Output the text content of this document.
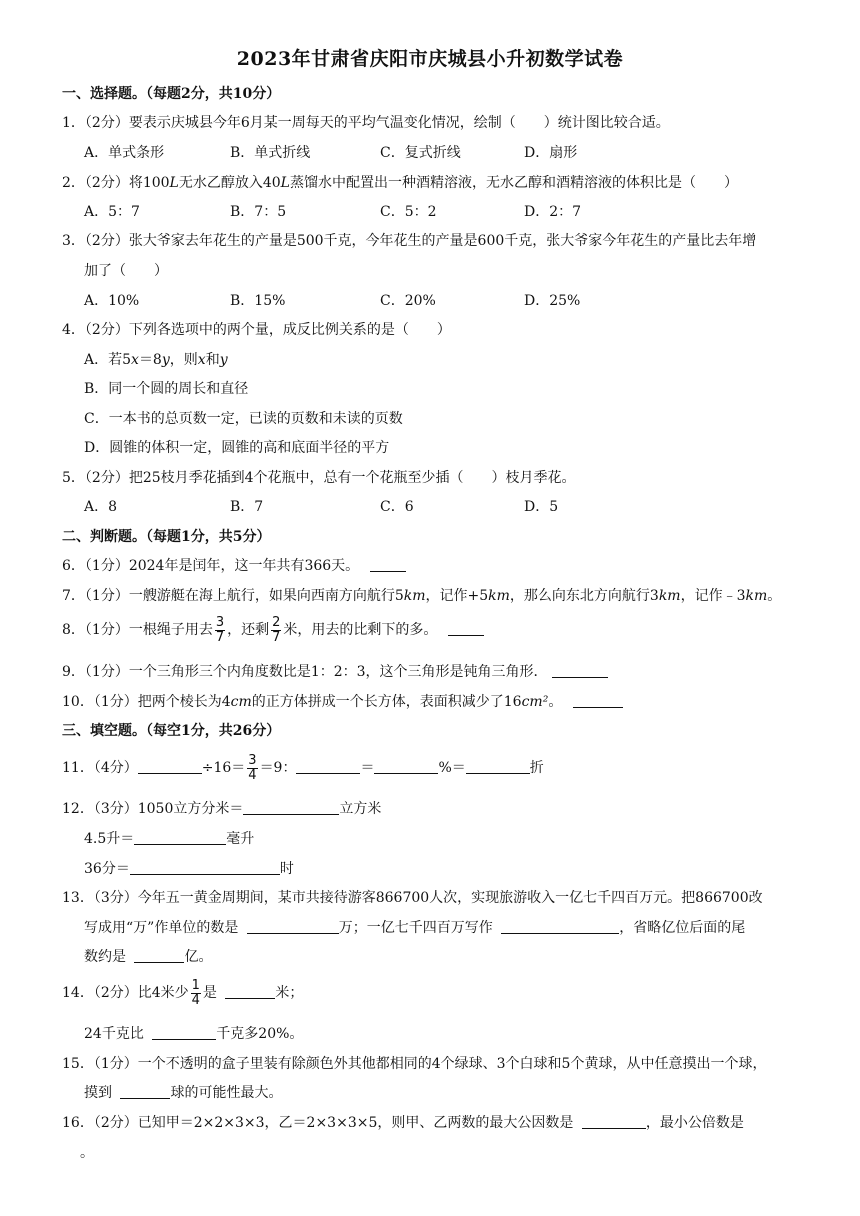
2023年甘肃省庆阳市庆城县小升初数学试卷
一、选择题。（每题2分，共10分）
1．（2分）要表示庆城县今年6月某一周每天的平均气温变化情况，绘制（　　）统计图比较合适。
A．单式条形	B．单式折线	C．复式折线	D．扇形
2．（2分）将100L无水乙醇放入40L蒸馏水中配置出一种酒精溶液，无水乙醇和酒精溶液的体积比是（　　）
A．5：7	B．7：5	C．5：2	D．2：7
3．（2分）张大爷家去年花生的产量是500千克，今年花生的产量是600千克，张大爷家今年花生的产量比去年增
加了（　　）
A．10%	B．15%	C．20%	D．25%
4．（2分）下列各选项中的两个量，成反比例关系的是（　　）
A．若5x＝8y，则x和y
B．同一个圆的周长和直径
C．一本书的总页数一定，已读的页数和未读的页数
D．圆锥的体积一定，圆锥的高和底面半径的平方
5．（2分）把25枝月季花插到4个花瓶中，总有一个花瓶至少插（　　）枝月季花。
A．8	B．7	C．6	D．5
二、判断题。（每题1分，共5分）
6．（1分）2024年是闰年，这一年共有366天。
7．（1分）一艘游艇在海上航行，如果向西南方向航行5km，记作+5km，那么向东北方向航行3km，记作﹣3km。
8．（1分）一根绳子用去 $\frac{3}{7}$ ，还剩 $\frac{2}{7}$ 米，用去的比剩下的多。
9．（1分）一个三角形三个内角度数比是1：2：3，这个三角形是钝角三角形．
10．（1分）把两个棱长为4cm的正方体拼成一个长方体，表面积减少了16cm²。
三、填空题。（每空1分，共26分）
11．（4分）	$\div 16= \frac{3}{4} =9$：	＝	%＝	折
12．（3分）1050立方分米＝	立方米
4.5升＝	毫升
36分＝	时
13．（3分）今年五一黄金周期间，某市共接待游客866700人次，实现旅游收入一亿七千四百万元。把866700改
写成用“万”作单位的数是	万；一亿七千四百万写作	，省略亿位后面的尾
数约是	亿。
14．（2分）比4米少 $\frac{1}{4}$ 是	米；
24千克比	千克多20%。
15．（1分）一个不透明的盒子里装有除颜色外其他都相同的4个绿球、3个白球和5个黄球，从中任意摸出一个球，
摸到	球的可能性最大。
16．（2分）已知甲＝2×2×3×3，乙＝2×3×3×5，则甲、乙两数的最大公因数是	，最小公倍数是
。
